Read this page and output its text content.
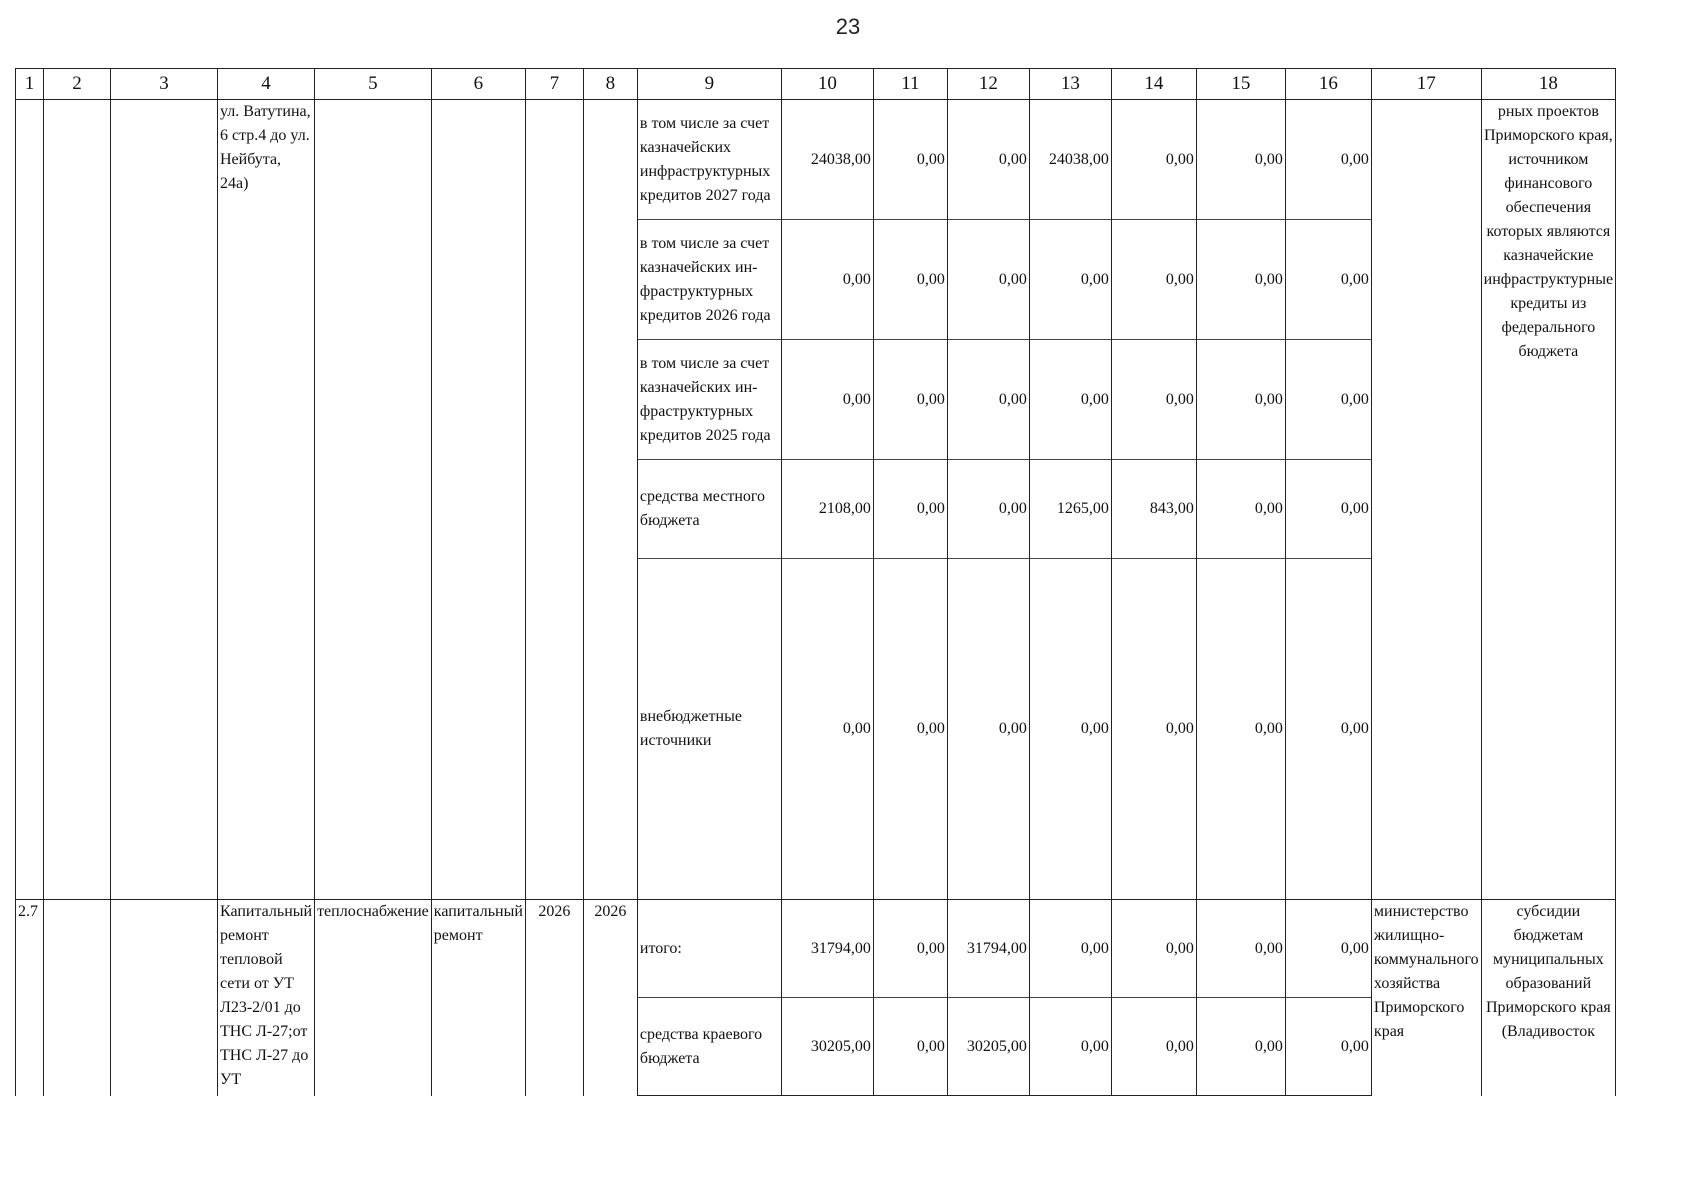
23
1	2	3	4	5	6	7	8	9	10	11	12	13	14	15	16	17	18
			ул. Ватутина, 6 стр.4 до ул. Нейбута, 24а)					в том числе за счет казначейских инфраструктурных кредитов 2027 года	24038,00	0,00	0,00	24038,00	0,00	0,00	0,00		рных проектов Приморского края, источником финансового обеспечения которых являются казначейские инфраструктурные кредиты из федерального бюджета
								в том числе за счет казначейских ин-фраструктурных кредитов 2026 года	0,00	0,00	0,00	0,00	0,00	0,00	0,00		
								в том числе за счет казначейских ин-фраструктурных кредитов 2025 года	0,00	0,00	0,00	0,00	0,00	0,00	0,00		
								средства местного бюджета	2108,00	0,00	0,00	1265,00	843,00	0,00	0,00		
								внебюджетные источники	0,00	0,00	0,00	0,00	0,00	0,00	0,00		
2.7			Капитальный ремонт тепловой сети от УТ Л23-2/01 до ТНС Л-27;от ТНС Л-27 до УТ	теплоснабжение	капитальный ремонт	2026	2026	итого:	31794,00	0,00	31794,00	0,00	0,00	0,00	0,00	министерство жилищно-коммунального хозяйства Приморского края	субсидии бюджетам муниципальных образований Приморского края (Владивосток
								средства краевого бюджета	30205,00	0,00	30205,00	0,00	0,00	0,00	0,00		
